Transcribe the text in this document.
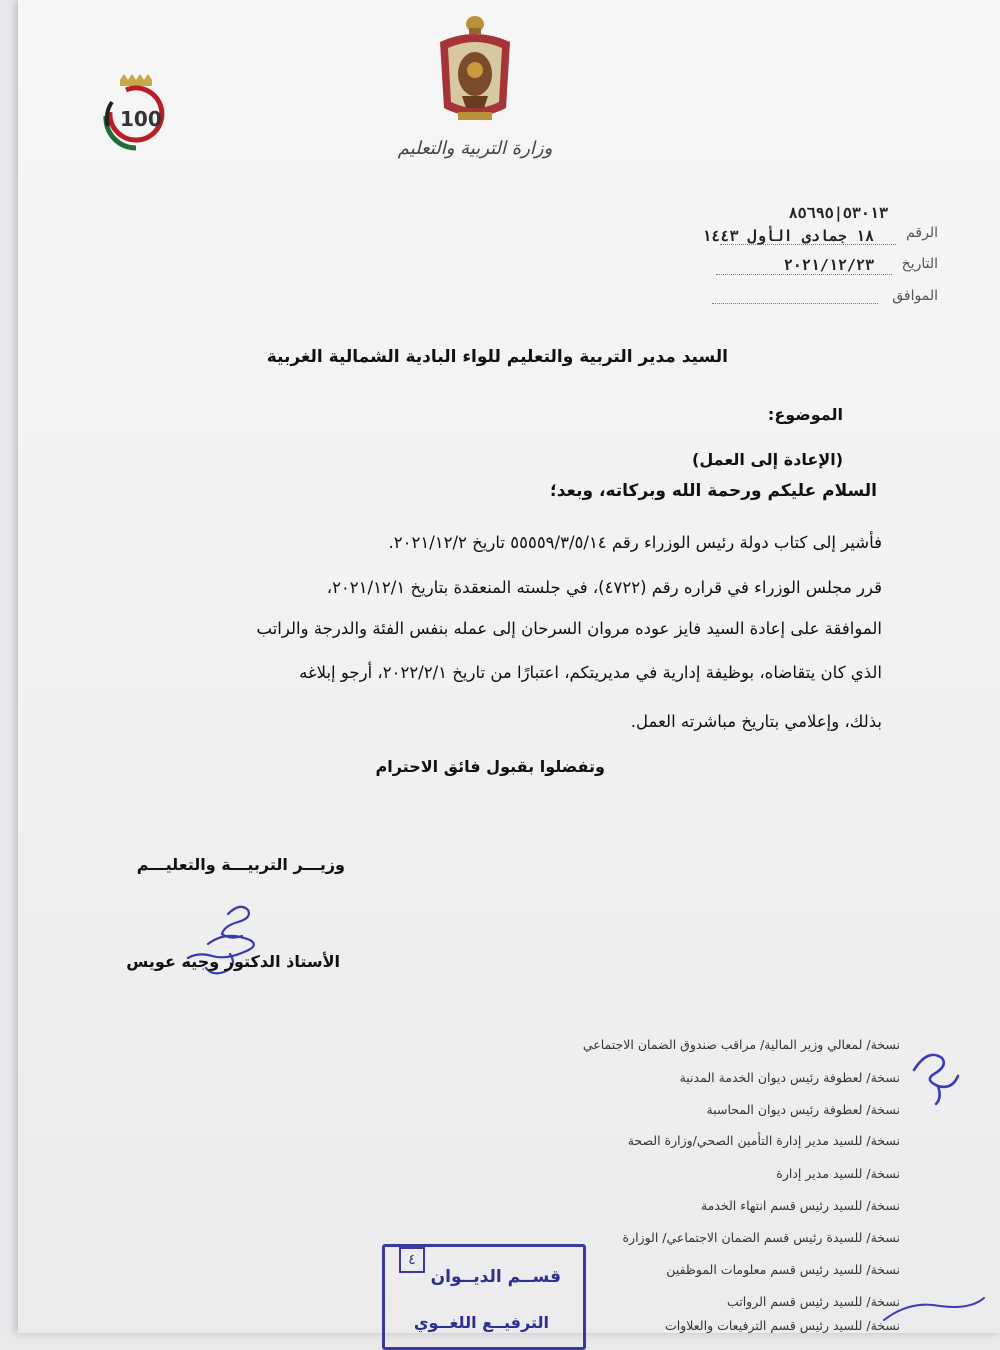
وزارة التربية والتعليم
100
٥٣٠١٣|٨٥٦٩٥
الرقم
١٨ جمادى الأول ١٤٤٣
التاريخ
٢٠٢١/١٢/٢٣
الموافق
السيد مدير التربية والتعليم للواء البادية الشمالية الغربية
الموضوع:
(الإعادة إلى العمل)
السلام عليكم ورحمة الله وبركاته، وبعد؛
فأشير إلى كتاب دولة رئيس الوزراء رقم ٥٥٥٥٩/٣/٥/١٤ تاريخ ٢٠٢١/١٢/٢.
قرر مجلس الوزراء في قراره رقم (٤٧٢٢)، في جلسته المنعقدة بتاريخ ٢٠٢١/١٢/١،
الموافقة على إعادة السيد فايز عوده مروان السرحان إلى عمله بنفس الفئة والدرجة والراتب
الذي كان يتقاضاه، بوظيفة إدارية في مديريتكم، اعتبارًا من تاريخ ٢٠٢٢/٢/١، أرجو إبلاغه
بذلك، وإعلامي بتاريخ مباشرته العمل.
وتفضلوا بقبول فائق الاحترام
وزيـــر التربيـــة والتعليـــم
الأستاذ الدكتور وجيه عويس
نسخة/ لمعالي وزير المالية/ مراقب صندوق الضمان الاجتماعي
نسخة/ لعطوفة رئيس ديوان الخدمة المدنية
نسخة/ لعطوفة رئيس ديوان المحاسبة
نسخة/ للسيد مدير إدارة التأمين الصحي/وزارة الصحة
نسخة/ للسيد مدير إدارة
نسخة/ للسيد رئيس قسم انتهاء الخدمة
نسخة/ للسيدة رئيس قسم الضمان الاجتماعي/ الوزارة
نسخة/ للسيد رئيس قسم معلومات الموظفين
نسخة/ للسيد رئيس قسم الرواتب
نسخة/ للسيد رئيس قسم الترفيعات والعلاوات
٤
قســم الديــوان
الترفيــع اللغــوي
